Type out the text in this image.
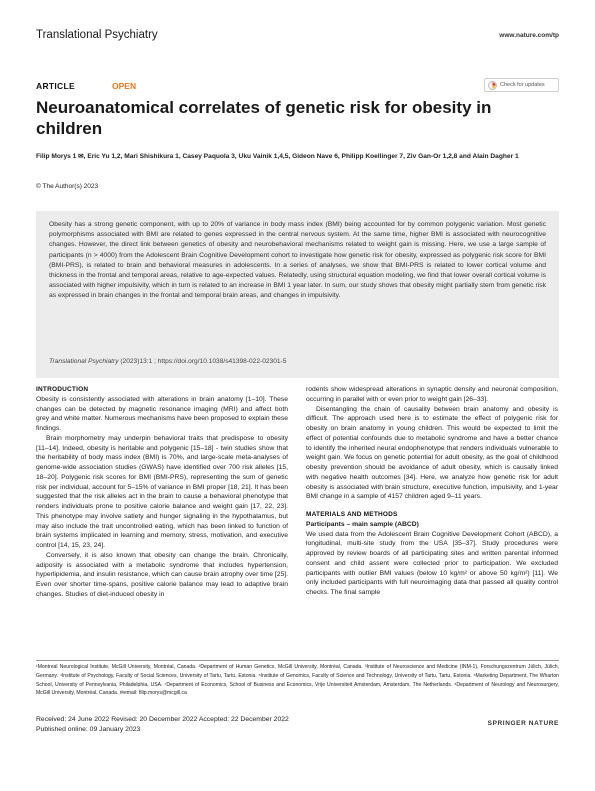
Translational Psychiatry	www.nature.com/tp
ARTICLE	OPEN	Check for updates
Neuroanatomical correlates of genetic risk for obesity in children
Filip Morys 1 ✉, Eric Yu 1,2, Mari Shishikura 1, Casey Paquola 3, Uku Vainik 1,4,5, Gideon Nave 6, Philipp Koellinger 7, Ziv Gan-Or 1,2,8 and Alain Dagher 1
© The Author(s) 2023

Obesity has a strong genetic component, with up to 20% of variance in body mass index (BMI) being accounted for by common polygenic variation. Most genetic polymorphisms associated with BMI are related to genes expressed in the central nervous system. At the same time, higher BMI is associated with neurocognitive changes. However, the direct link between genetics of obesity and neurobehavioral mechanisms related to weight gain is missing. Here, we use a large sample of participants (n > 4000) from the Adolescent Brain Cognitive Development cohort to investigate how genetic risk for obesity, expressed as polygenic risk score for BMI (BMI-PRS), is related to brain and behavioral measures in adolescents. In a series of analyses, we show that BMI-PRS is related to lower cortical volume and thickness in the frontal and temporal areas, relative to age-expected values. Relatedly, using structural equation modeling, we find that lower overall cortical volume is associated with higher impulsivity, which in turn is related to an increase in BMI 1 year later. In sum, our study shows that obesity might partially stem from genetic risk as expressed in brain changes in the frontal and temporal brain areas, and changes in impulsivity.

Translational Psychiatry (2023)13:1 ; https://doi.org/10.1038/s41398-022-02301-5
INTRODUCTION

Obesity is consistently associated with alterations in brain anatomy [1–10]. These changes can be detected by magnetic resonance imaging (MRI) and affect both grey and white matter. Numerous mechanisms have been proposed to explain these findings.

Brain morphometry may underpin behavioral traits that predispose to obesity [11–14]. Indeed, obesity is heritable and polygenic [15–18] - twin studies show that the heritability of body mass index (BMI) is 70%, and large-scale meta-analyses of genome-wide association studies (GWAS) have identified over 700 risk alleles [15, 18–20]. Polygenic risk scores for BMI (BMI-PRS), representing the sum of genetic risk per individual, account for 5–15% of variance in BMI proper [18, 21]. It has been suggested that the risk alleles act in the brain to cause a behavioral phenotype that renders individuals prone to positive calorie balance and weight gain [17, 22, 23]. This phenotype may involve satiety and hunger signaling in the hypothalamus, but may also include the trait uncontrolled eating, which has been linked to function of brain systems implicated in learning and memory, stress, motivation, and executive control [14, 15, 23, 24].

Conversely, it is also known that obesity can change the brain. Chronically, adiposity is associated with a metabolic syndrome that includes hypertension, hyperlipidemia, and insulin resistance, which can cause brain atrophy over time [25]. Even over shorter time-spans, positive calorie balance may lead to adaptive brain changes. Studies of diet-induced obesity in

rodents show widespread alterations in synaptic density and neuronal composition, occurring in parallel with or even prior to weight gain [26–33].

Disentangling the chain of causality between brain anatomy and obesity is difficult. The approach used here is to estimate the effect of polygenic risk for obesity on brain anatomy in young children. This would be expected to limit the effect of potential confounds due to metabolic syndrome and have a better chance to identify the inherited neural endophenotype that renders individuals vulnerable to weight gain. We focus on genetic potential for adult obesity, as the goal of childhood obesity prevention should be avoidance of adult obesity, which is causally linked with negative health outcomes [34]. Here, we analyze how genetic risk for adult obesity is associated with brain structure, executive function, impulsivity, and 1-year BMI change in a sample of 4157 children aged 9–11 years.

MATERIALS AND METHODS
Participants – main sample (ABCD)

We used data from the Adolescent Brain Cognitive Development Cohort (ABCD), a longitudinal, multi-site study from the USA [35–37]. Study procedures were approved by review boards of all participating sites and written parental informed consent and child assent were collected prior to participation. We excluded participants with outlier BMI values (below 10 kg/m² or above 50 kg/m²) [11]. We only included participants with full neuroimaging data that passed all quality control checks. The final sample

¹Montreal Neurological Institute, McGill University, Montréal, Canada. ²Department of Human Genetics, McGill University, Montréal, Canada. ³Institute of Neuroscience and Medicine (INM-1), Forschungszentrum Jülich, Jülich, Germany. ⁴Institute of Psychology, Faculty of Social Sciences, University of Tartu, Tartu, Estonia. ⁵Institute of Genomics, Faculty of Science and Technology, University of Tartu, Tartu, Estonia. ⁶Marketing Department, The Wharton School, University of Pennsylvania, Philadelphia, USA. ⁷Department of Economics, School of Business and Economics, Vrije Universiteit Amsterdam, Amsterdam, The Netherlands. ⁸Department of Neurology and Neurosurgery, McGill University, Montréal, Canada. ✉email: filip.morys@mcgill.ca
Received: 24 June 2022 Revised: 20 December 2022 Accepted: 22 December 2022
Published online: 09 January 2023
SPRINGER NATURE
